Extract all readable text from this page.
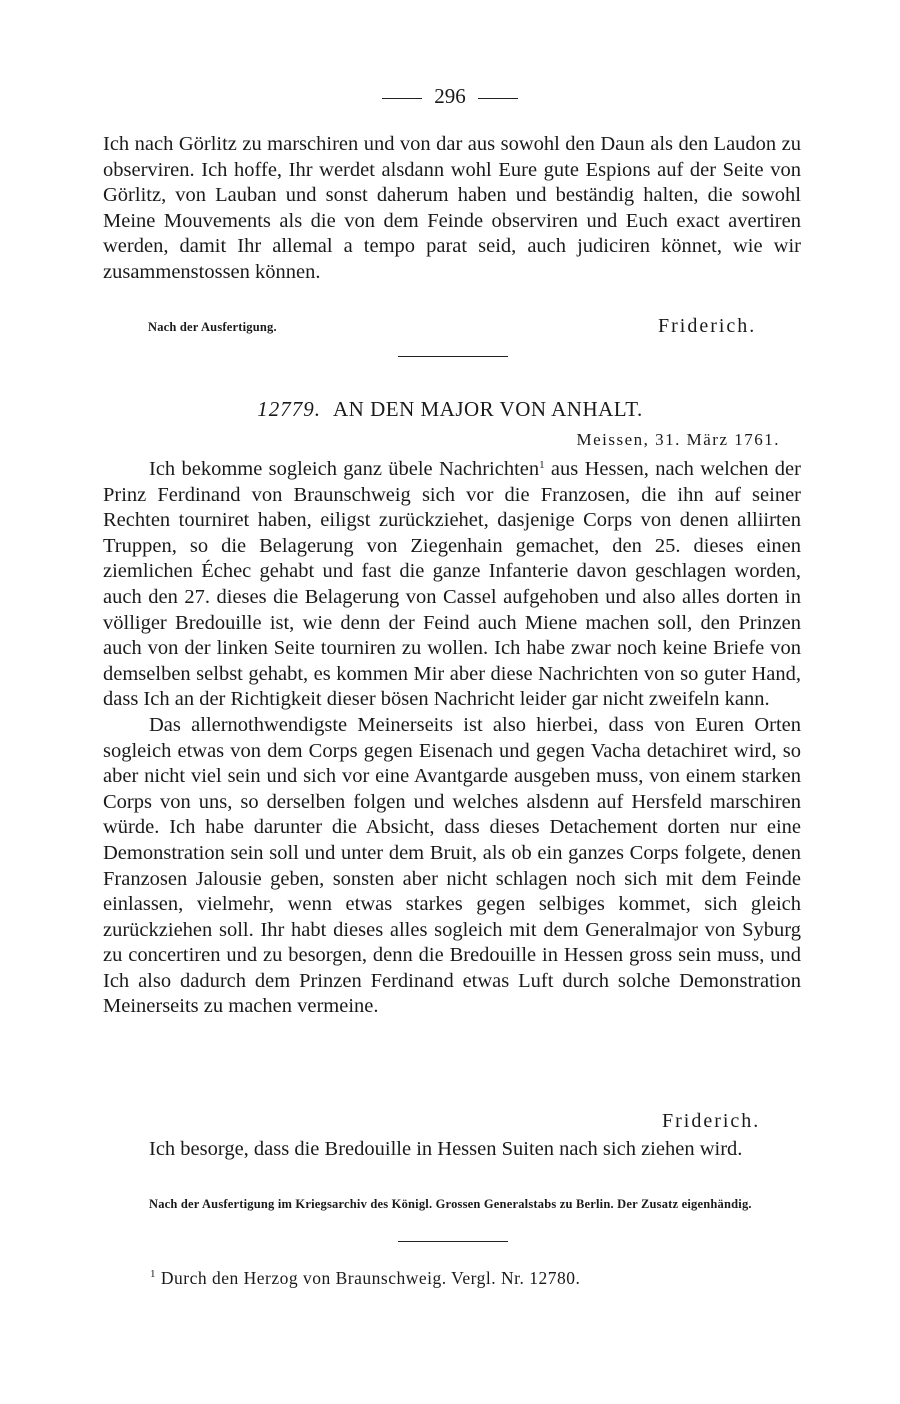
296

Ich nach Görlitz zu marschiren und von dar aus sowohl den Daun als den Laudon zu observiren. Ich hoffe, Ihr werdet alsdann wohl Eure gute Espions auf der Seite von Görlitz, von Lauban und sonst daherum haben und beständig halten, die sowohl Meine Mouvements als die von dem Feinde observiren und Euch exact avertiren werden, damit Ihr allemal a tempo parat seid, auch judiciren könnet, wie wir zusammenstossen können.

Nach der Ausfertigung.	Friderich.
12779. AN DEN MAJOR VON ANHALT.
Meissen, 31. März 1761.

Ich bekomme sogleich ganz übele Nachrichten$^1$ aus Hessen, nach welchen der Prinz Ferdinand von Braunschweig sich vor die Franzosen, die ihn auf seiner Rechten tourniret haben, eiligst zurückziehet, dasjenige Corps von denen alliirten Truppen, so die Belagerung von Ziegenhain gemachet, den 25. dieses einen ziemlichen Échec gehabt und fast die ganze Infanterie davon geschlagen worden, auch den 27. dieses die Belagerung von Cassel aufgehoben und also alles dorten in völliger Bredouille ist, wie denn der Feind auch Miene machen soll, den Prinzen auch von der linken Seite tourniren zu wollen. Ich habe zwar noch keine Briefe von demselben selbst gehabt, es kommen Mir aber diese Nachrichten von so guter Hand, dass Ich an der Richtigkeit dieser bösen Nachricht leider gar nicht zweifeln kann.

Das allernothwendigste Meinerseits ist also hierbei, dass von Euren Orten sogleich etwas von dem Corps gegen Eisenach und gegen Vacha detachiret wird, so aber nicht viel sein und sich vor eine Avantgarde ausgeben muss, von einem starken Corps von uns, so derselben folgen und welches alsdenn auf Hersfeld marschiren würde. Ich habe darunter die Absicht, dass dieses Detachement dorten nur eine Demonstration sein soll und unter dem Bruit, als ob ein ganzes Corps folgete, denen Franzosen Jalousie geben, sonsten aber nicht schlagen noch sich mit dem Feinde einlassen, vielmehr, wenn etwas starkes gegen selbiges kommet, sich gleich zurückziehen soll. Ihr habt dieses alles sogleich mit dem Generalmajor von Syburg zu concertiren und zu besorgen, denn die Bredouille in Hessen gross sein muss, und Ich also dadurch dem Prinzen Ferdinand etwas Luft durch solche Demonstration Meinerseits zu machen vermeine.

Friderich.

Ich besorge, dass die Bredouille in Hessen Suiten nach sich ziehen wird.

Nach der Ausfertigung im Kriegsarchiv des Königl. Grossen Generalstabs zu Berlin. Der Zusatz eigenhändig.
$^1$ Durch den Herzog von Braunschweig. Vergl. Nr. 12780.
